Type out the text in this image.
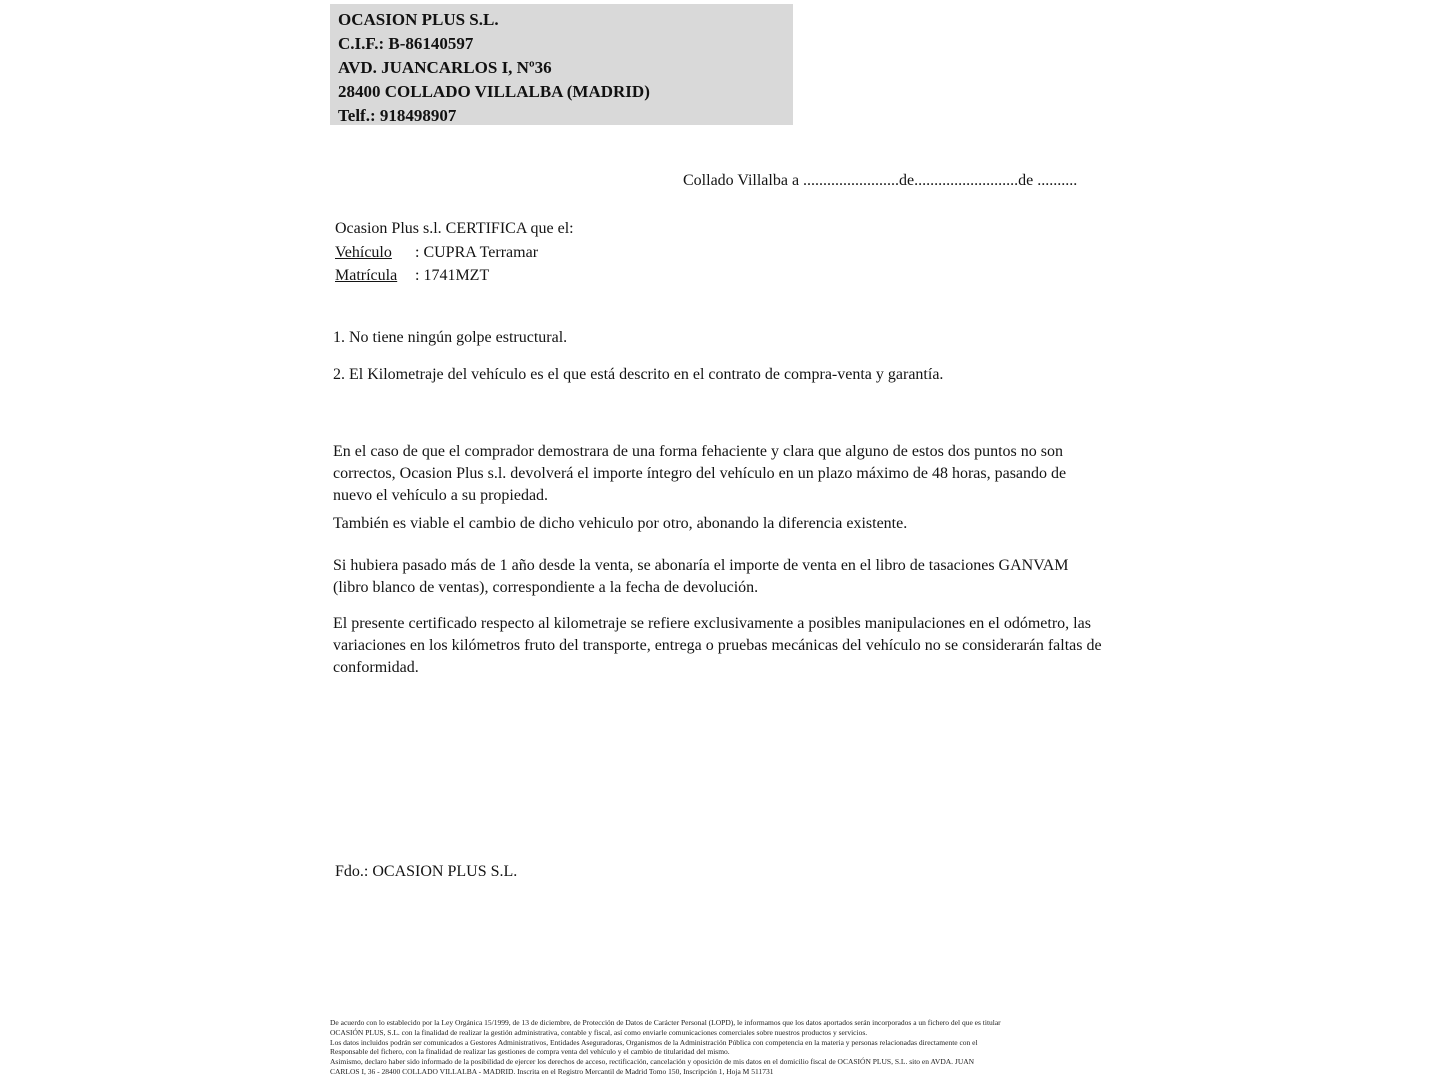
OCASION PLUS S.L.
C.I.F.: B-86140597
AVD. JUANCARLOS I, Nº36
28400 COLLADO VILLALBA (MADRID)
Telf.: 918498907
Collado Villalba a ........................de..........................de ..........
Ocasion Plus s.l. CERTIFICA que el:
Vehículo : CUPRA Terramar
Matrícula : 1741MZT
1. No tiene ningún golpe estructural.
2. El Kilometraje del vehículo es el que está descrito en el contrato de compra-venta y garantía.
En el caso de que el comprador demostrara de una forma fehaciente y clara que alguno de estos dos puntos no son correctos, Ocasion Plus s.l. devolverá el importe íntegro del vehículo en un plazo máximo de 48 horas, pasando de nuevo el vehículo a su propiedad.
También es viable el cambio de dicho vehiculo por otro, abonando la diferencia existente.
Si hubiera pasado más de 1 año desde la venta, se abonaría el importe de venta en el libro de tasaciones GANVAM (libro blanco de ventas), correspondiente a la fecha de devolución.
El presente certificado respecto al kilometraje se refiere exclusivamente a posibles manipulaciones en el odómetro, las variaciones en los kilómetros fruto del transporte, entrega o pruebas mecánicas del vehículo no se considerarán faltas de conformidad.
Fdo.: OCASION PLUS S.L.
De acuerdo con lo establecido por la Ley Orgánica 15/1999, de 13 de diciembre, de Protección de Datos de Carácter Personal (LOPD), le informamos que los datos aportados serán incorporados a un fichero del que es titular
OCASIÓN PLUS, S.L. con la finalidad de realizar la gestión administrativa, contable y fiscal, así como enviarle comunicaciones comerciales sobre nuestros productos y servicios.
Los datos incluidos podrán ser comunicados a Gestores Administrativos, Entidades Aseguradoras, Organismos de la Administración Pública con competencia en la materia y personas relacionadas directamente con el
Responsable del fichero, con la finalidad de realizar las gestiones de compra venta del vehículo y el cambio de titularidad del mismo.
Asimismo, declaro haber sido informado de la posibilidad de ejercer los derechos de acceso, rectificación, cancelación y oposición de mis datos en el domicilio fiscal de OCASIÓN PLUS, S.L. sito en AVDA. JUAN
CARLOS I, 36 - 28400 COLLADO VILLALBA - MADRID. Inscrita en el Registro Mercantil de Madrid Tomo 150, Inscripción 1, Hoja M 511731
